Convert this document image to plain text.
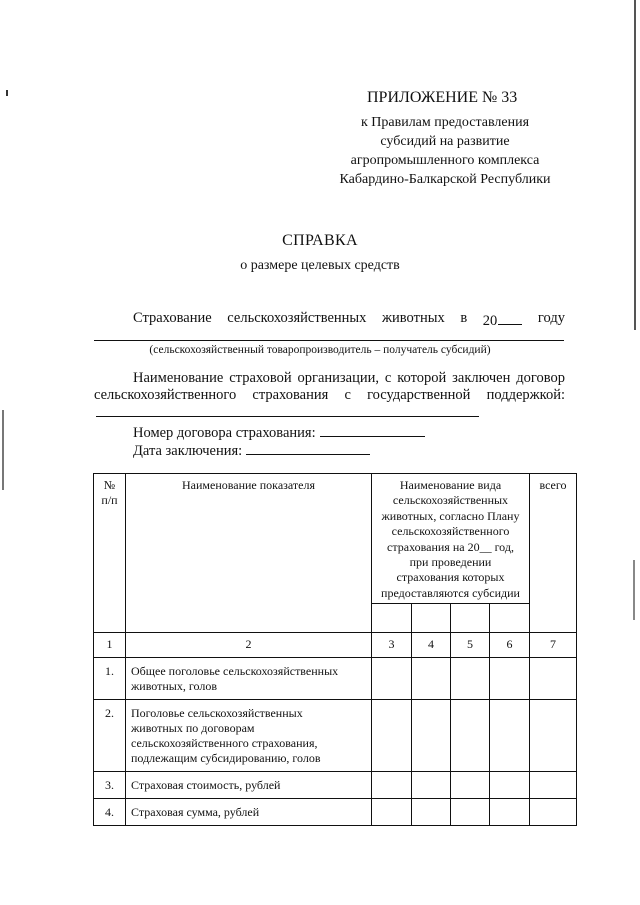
ПРИЛОЖЕНИЕ № 33
к Правилам предоставления
субсидий на развитие
агропромышленного комплекса
Кабардино-Балкарской Республики
СПРАВКА
о размере целевых средств
Страхование сельскохозяйственных животных в 20	году
(сельскохозяйственный товаропроизводитель – получатель субсидий)
Наименование страховой организации, с которой заключен договор сельскохозяйственного страхования с государственной поддержкой:
Номер договора страхования:
Дата заключения:
№
п/п
Наименование показателя	Наименование вида
сельскохозяйственных
животных, согласно Плану
сельскохозяйственного
страхования на 20__ год,
при проведении
страхования которых
предоставляются субсидии
всего
1	2	3	4	5	6	7
1.	Общее поголовье сельскохозяйственных
животных, голов
2.	Поголовье сельскохозяйственных
животных по договорам
сельскохозяйственного страхования,
подлежащим субсидированию, голов
3.	Страховая стоимость, рублей
4.	Страховая сумма, рублей
